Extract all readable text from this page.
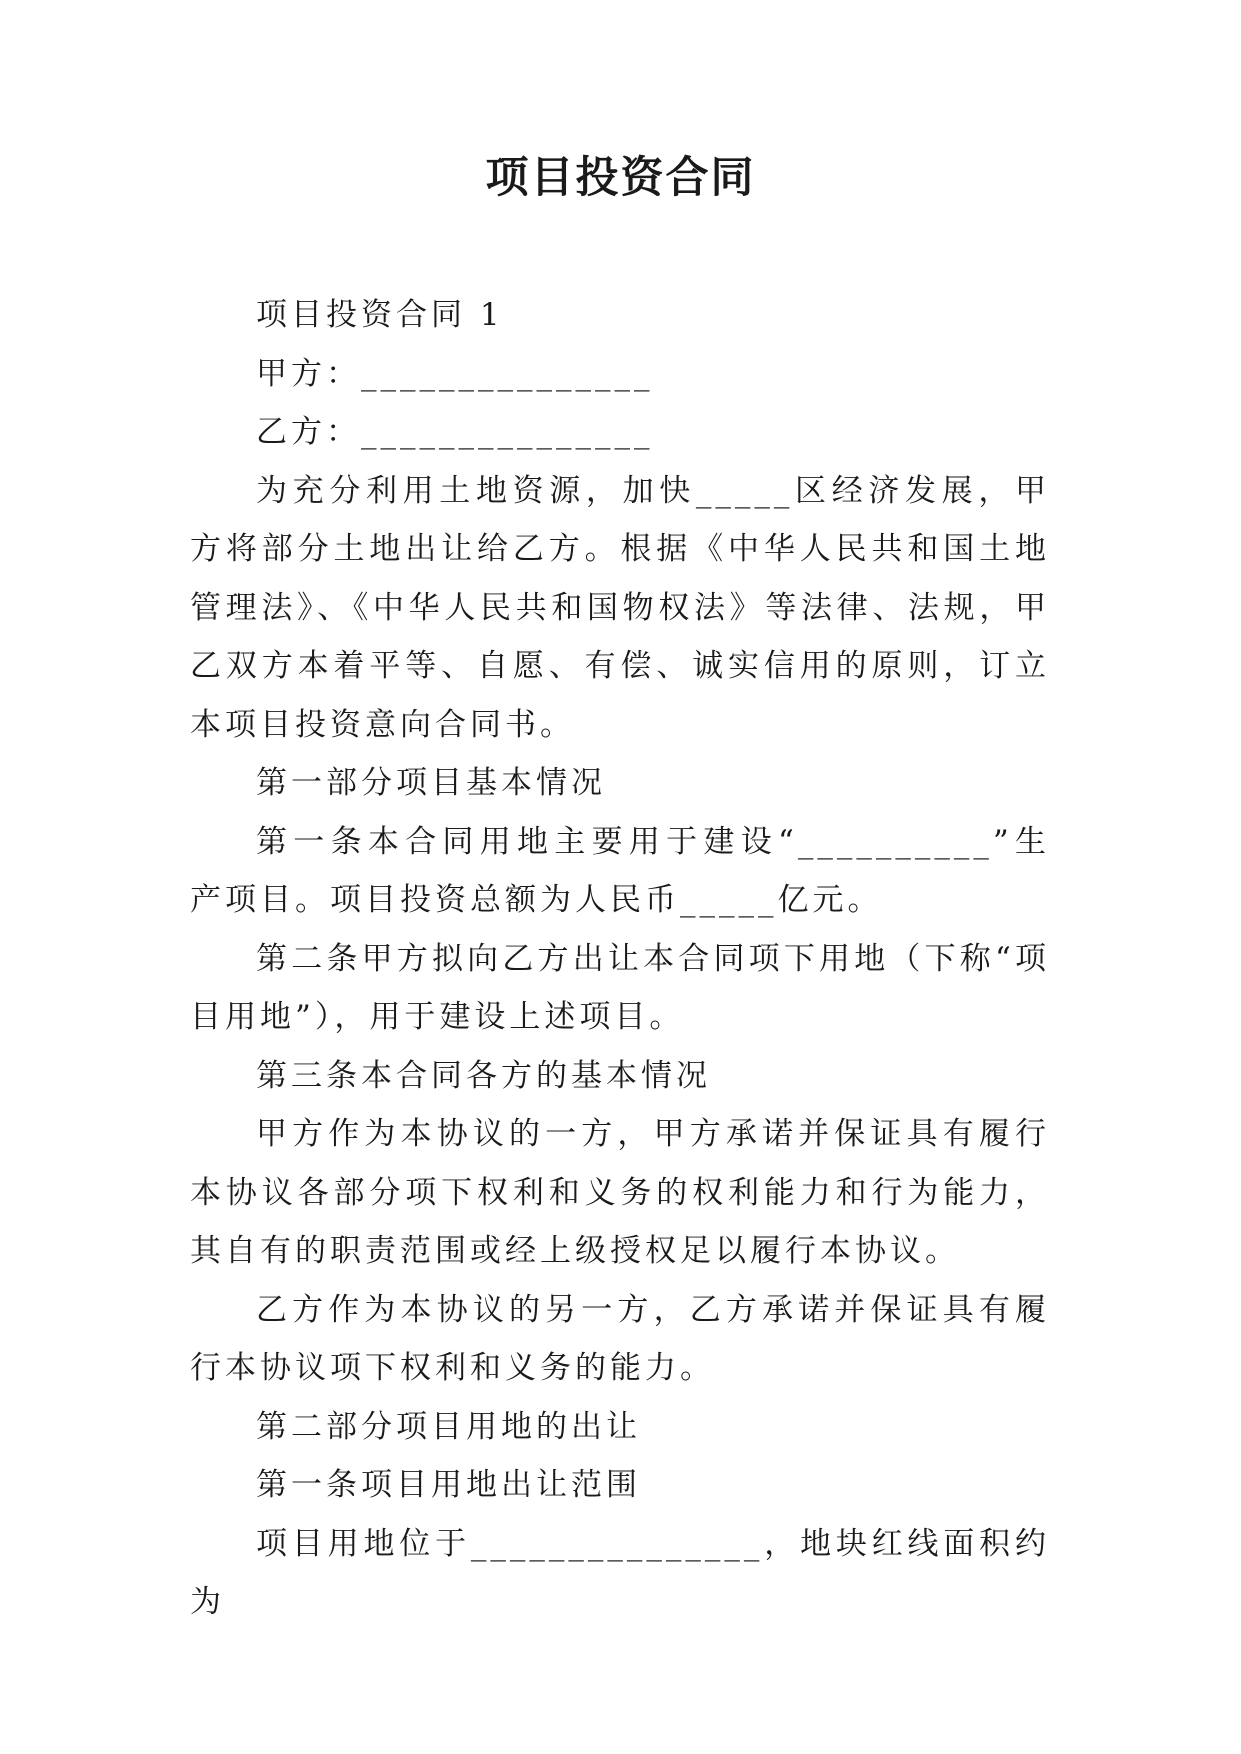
项目投资合同

项目投资合同 1

甲方：_______________

乙方：_______________

为充分利用土地资源，加快_____区经济发展，甲方将部分土地出让给乙方。根据《中华人民共和国土地管理法》、《中华人民共和国物权法》等法律、法规，甲乙双方本着平等、自愿、有偿、诚实信用的原则，订立本项目投资意向合同书。

第一部分项目基本情况

第一条本合同用地主要用于建设“__________”生产项目。项目投资总额为人民币_____亿元。

第二条甲方拟向乙方出让本合同项下用地（下称“项目用地”），用于建设上述项目。

第三条本合同各方的基本情况

甲方作为本协议的一方，甲方承诺并保证具有履行本协议各部分项下权利和义务的权利能力和行为能力，其自有的职责范围或经上级授权足以履行本协议。

乙方作为本协议的另一方，乙方承诺并保证具有履行本协议项下权利和义务的能力。

第二部分项目用地的出让

第一条项目用地出让范围

项目用地位于_______________，地块红线面积约为
